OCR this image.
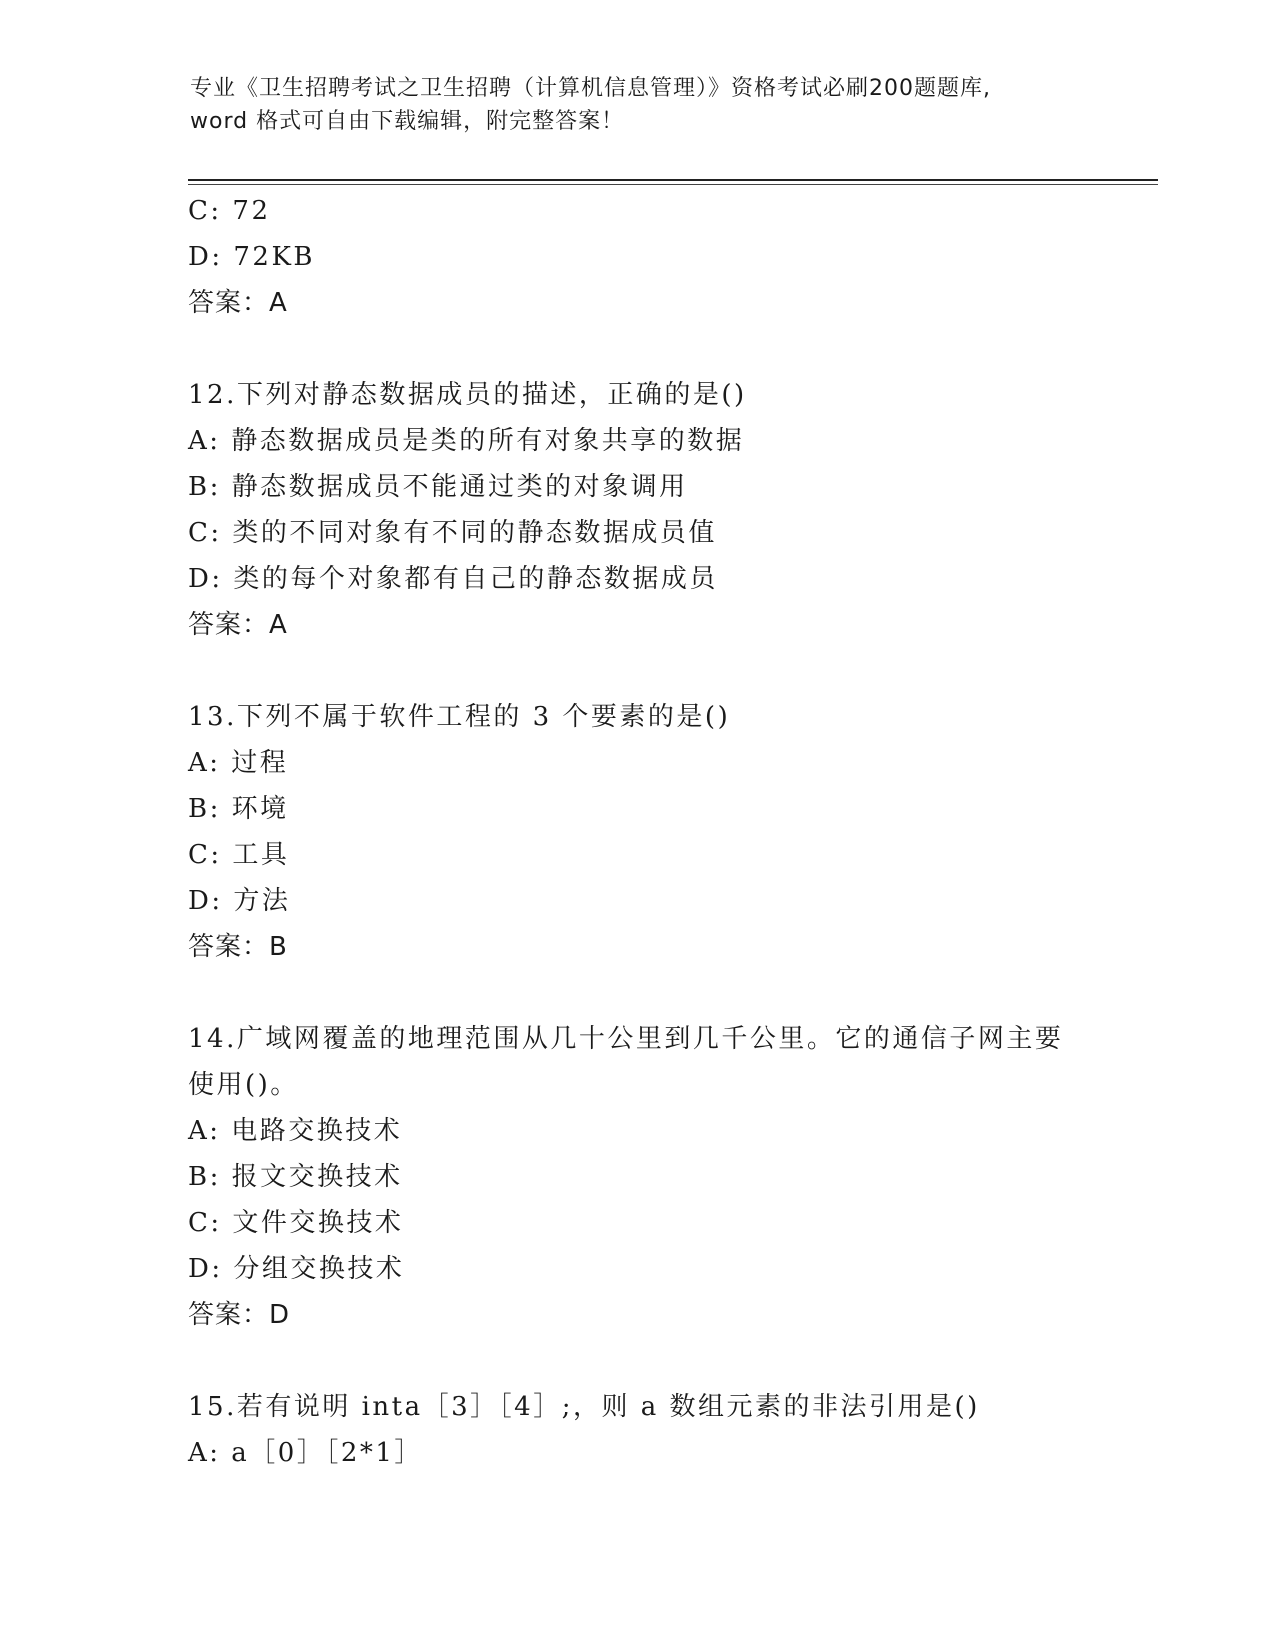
专业《卫生招聘考试之卫生招聘（计算机信息管理）》资格考试必刷200题题库,
word 格式可自由下载编辑，附完整答案！
C: 72
D: 72KB
答案：A
12.下列对静态数据成员的描述，正确的是()
A: 静态数据成员是类的所有对象共享的数据
B: 静态数据成员不能通过类的对象调用
C: 类的不同对象有不同的静态数据成员值
D: 类的每个对象都有自己的静态数据成员
答案：A
13.下列不属于软件工程的 3 个要素的是()
A: 过程
B: 环境
C: 工具
D: 方法
答案：B
14.广域网覆盖的地理范围从几十公里到几千公里。它的通信子网主要
使用()。
A: 电路交换技术
B: 报文交换技术
C: 文件交换技术
D: 分组交换技术
答案：D
15.若有说明 inta［3］［4］;，则 a 数组元素的非法引用是()
A: a［0］［2*1］
